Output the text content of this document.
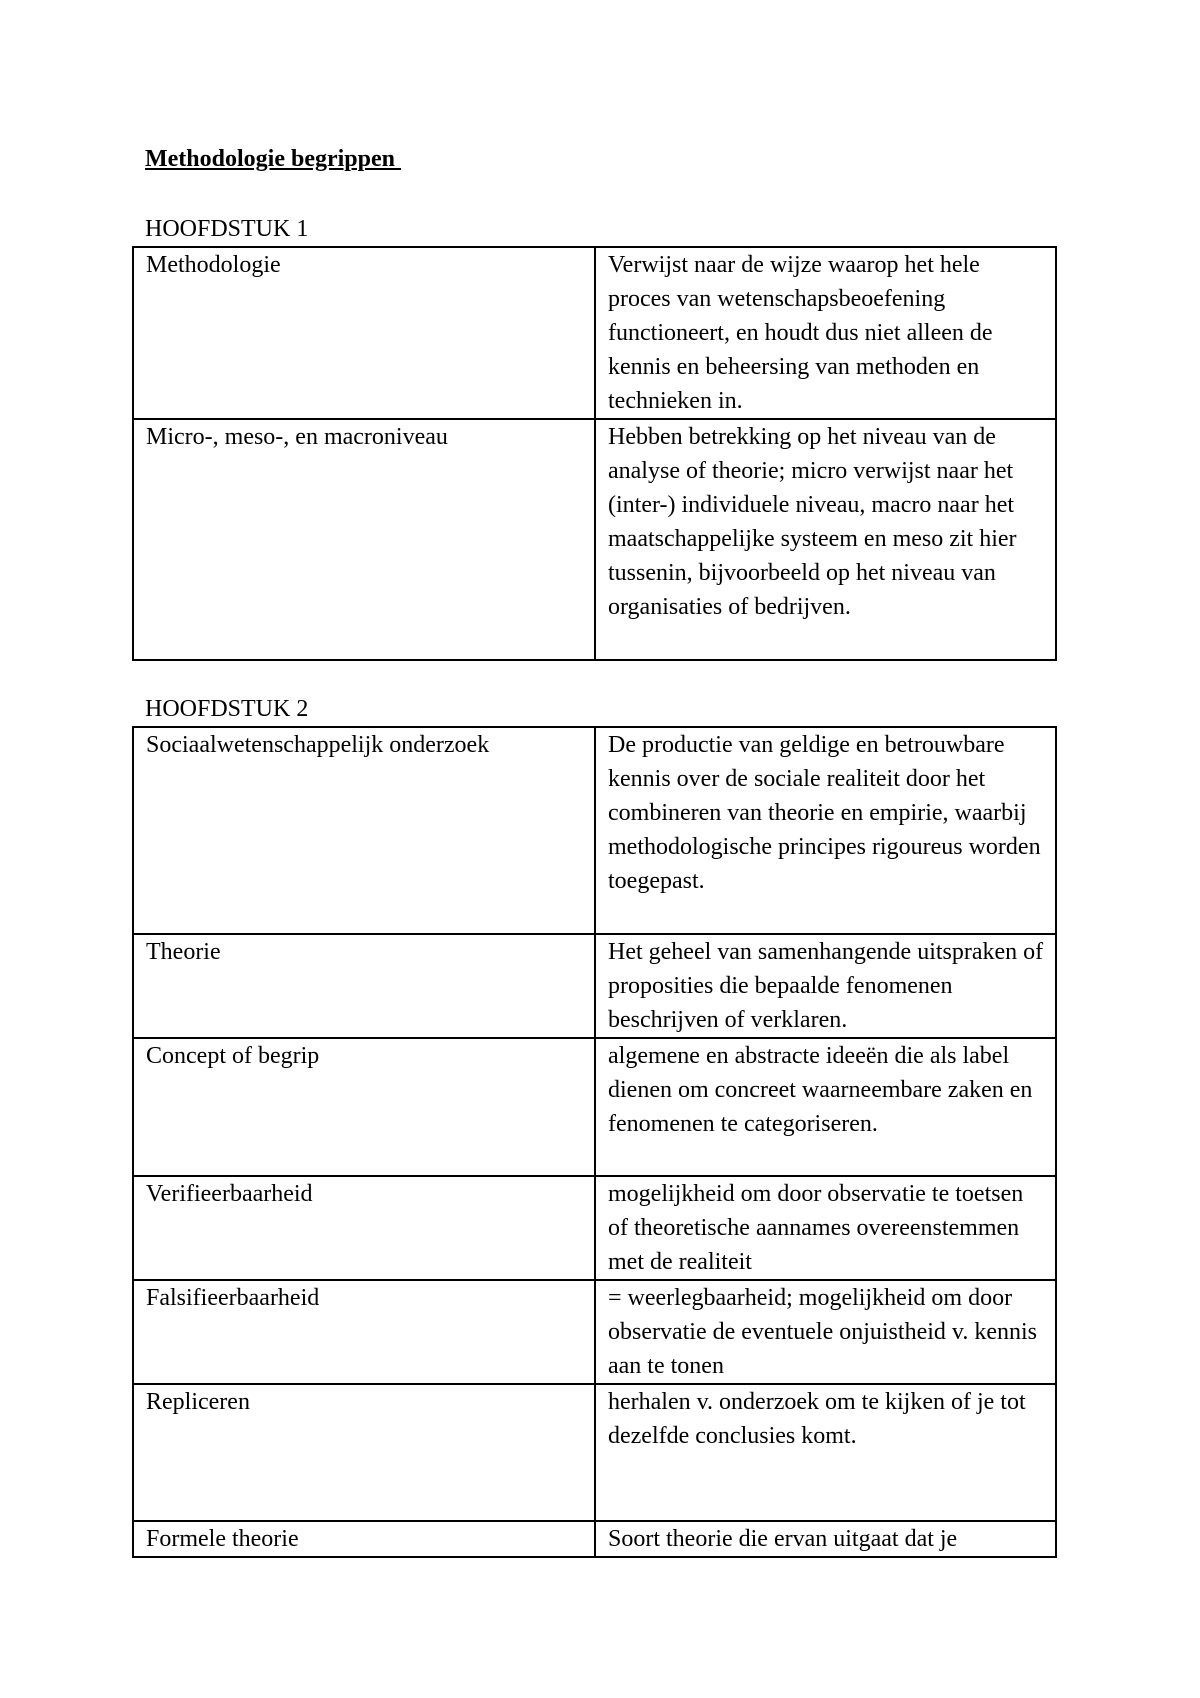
Methodologie begrippen
HOOFDSTUK 1
Methodologie	Verwijst naar de wijze waarop het hele proces van wetenschapsbeoefening functioneert, en houdt dus niet alleen de kennis en beheersing van methoden en technieken in.
Micro-, meso-, en macroniveau	Hebben betrekking op het niveau van de analyse of theorie; micro verwijst naar het (inter-) individuele niveau, macro naar het maatschappelijke systeem en meso zit hier tussenin, bijvoorbeeld op het niveau van organisaties of bedrijven.
HOOFDSTUK 2
Sociaalwetenschappelijk onderzoek	De productie van geldige en betrouwbare kennis over de sociale realiteit door het combineren van theorie en empirie, waarbij methodologische principes rigoureus worden toegepast.
Theorie	Het geheel van samenhangende uitspraken of proposities die bepaalde fenomenen beschrijven of verklaren.
Concept of begrip	algemene en abstracte ideeën die als label dienen om concreet waarneembare zaken en fenomenen te categoriseren.
Verifieerbaarheid	mogelijkheid om door observatie te toetsen of theoretische aannames overeenstemmen met de realiteit
Falsifieerbaarheid	= weerlegbaarheid; mogelijkheid om door observatie de eventuele onjuistheid v. kennis aan te tonen
Repliceren	herhalen v. onderzoek om te kijken of je tot dezelfde conclusies komt.
Formele theorie	Soort theorie die ervan uitgaat dat je
